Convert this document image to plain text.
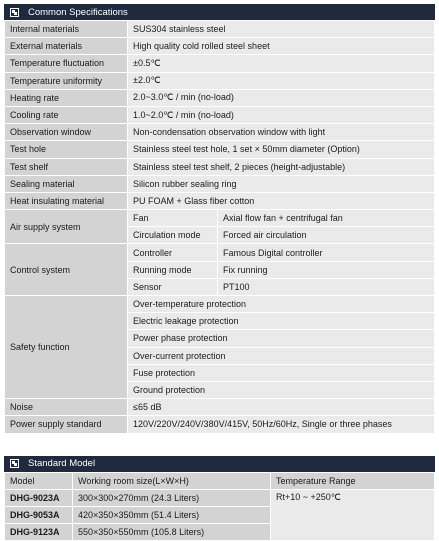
Common Specifications
Internal materials	SUS304 stainless steel	
External materials	High quality cold rolled steel sheet	
Temperature fluctuation	±0.5℃	
Temperature uniformity	±2.0℃	
Heating rate	2.0~3.0℃ / min (no-load)	
Cooling rate	1.0~2.0℃ / min (no-load)	
Observation window	Non-condensation observation window with light	
Test hole	Stainless steel test hole, 1 set × 50mm diameter (Option)	
Test shelf	Stainless steel test shelf, 2 pieces (height-adjustable)	
Sealing material	Silicon rubber sealing ring	
Heat insulating material	PU FOAM + Glass fiber cotton	
Air supply system	Fan	Axial flow fan + centrifugal fan
	Circulation mode	Forced air circulation
Control system	Controller	Famous Digital controller
	Running mode	Fix running
	Sensor	PT100
Safety function	Over-temperature protection	
	Electric leakage protection	
	Power phase protection	
	Over-current protection	
	Fuse protection	
	Ground protection	
Noise	≤65 dB	
Power supply standard	120V/220V/240V/380V/415V, 50Hz/60Hz, Single or three phases	
Standard Model
Model	Working room size(L×W×H)	Temperature Range
DHG-9023A	300×300×270mm (24.3 Liters)	Rt+10 ~ +250℃
DHG-9053A	420×350×350mm (51.4 Liters)	
DHG-9123A	550×350×550mm (105.8 Liters)	
